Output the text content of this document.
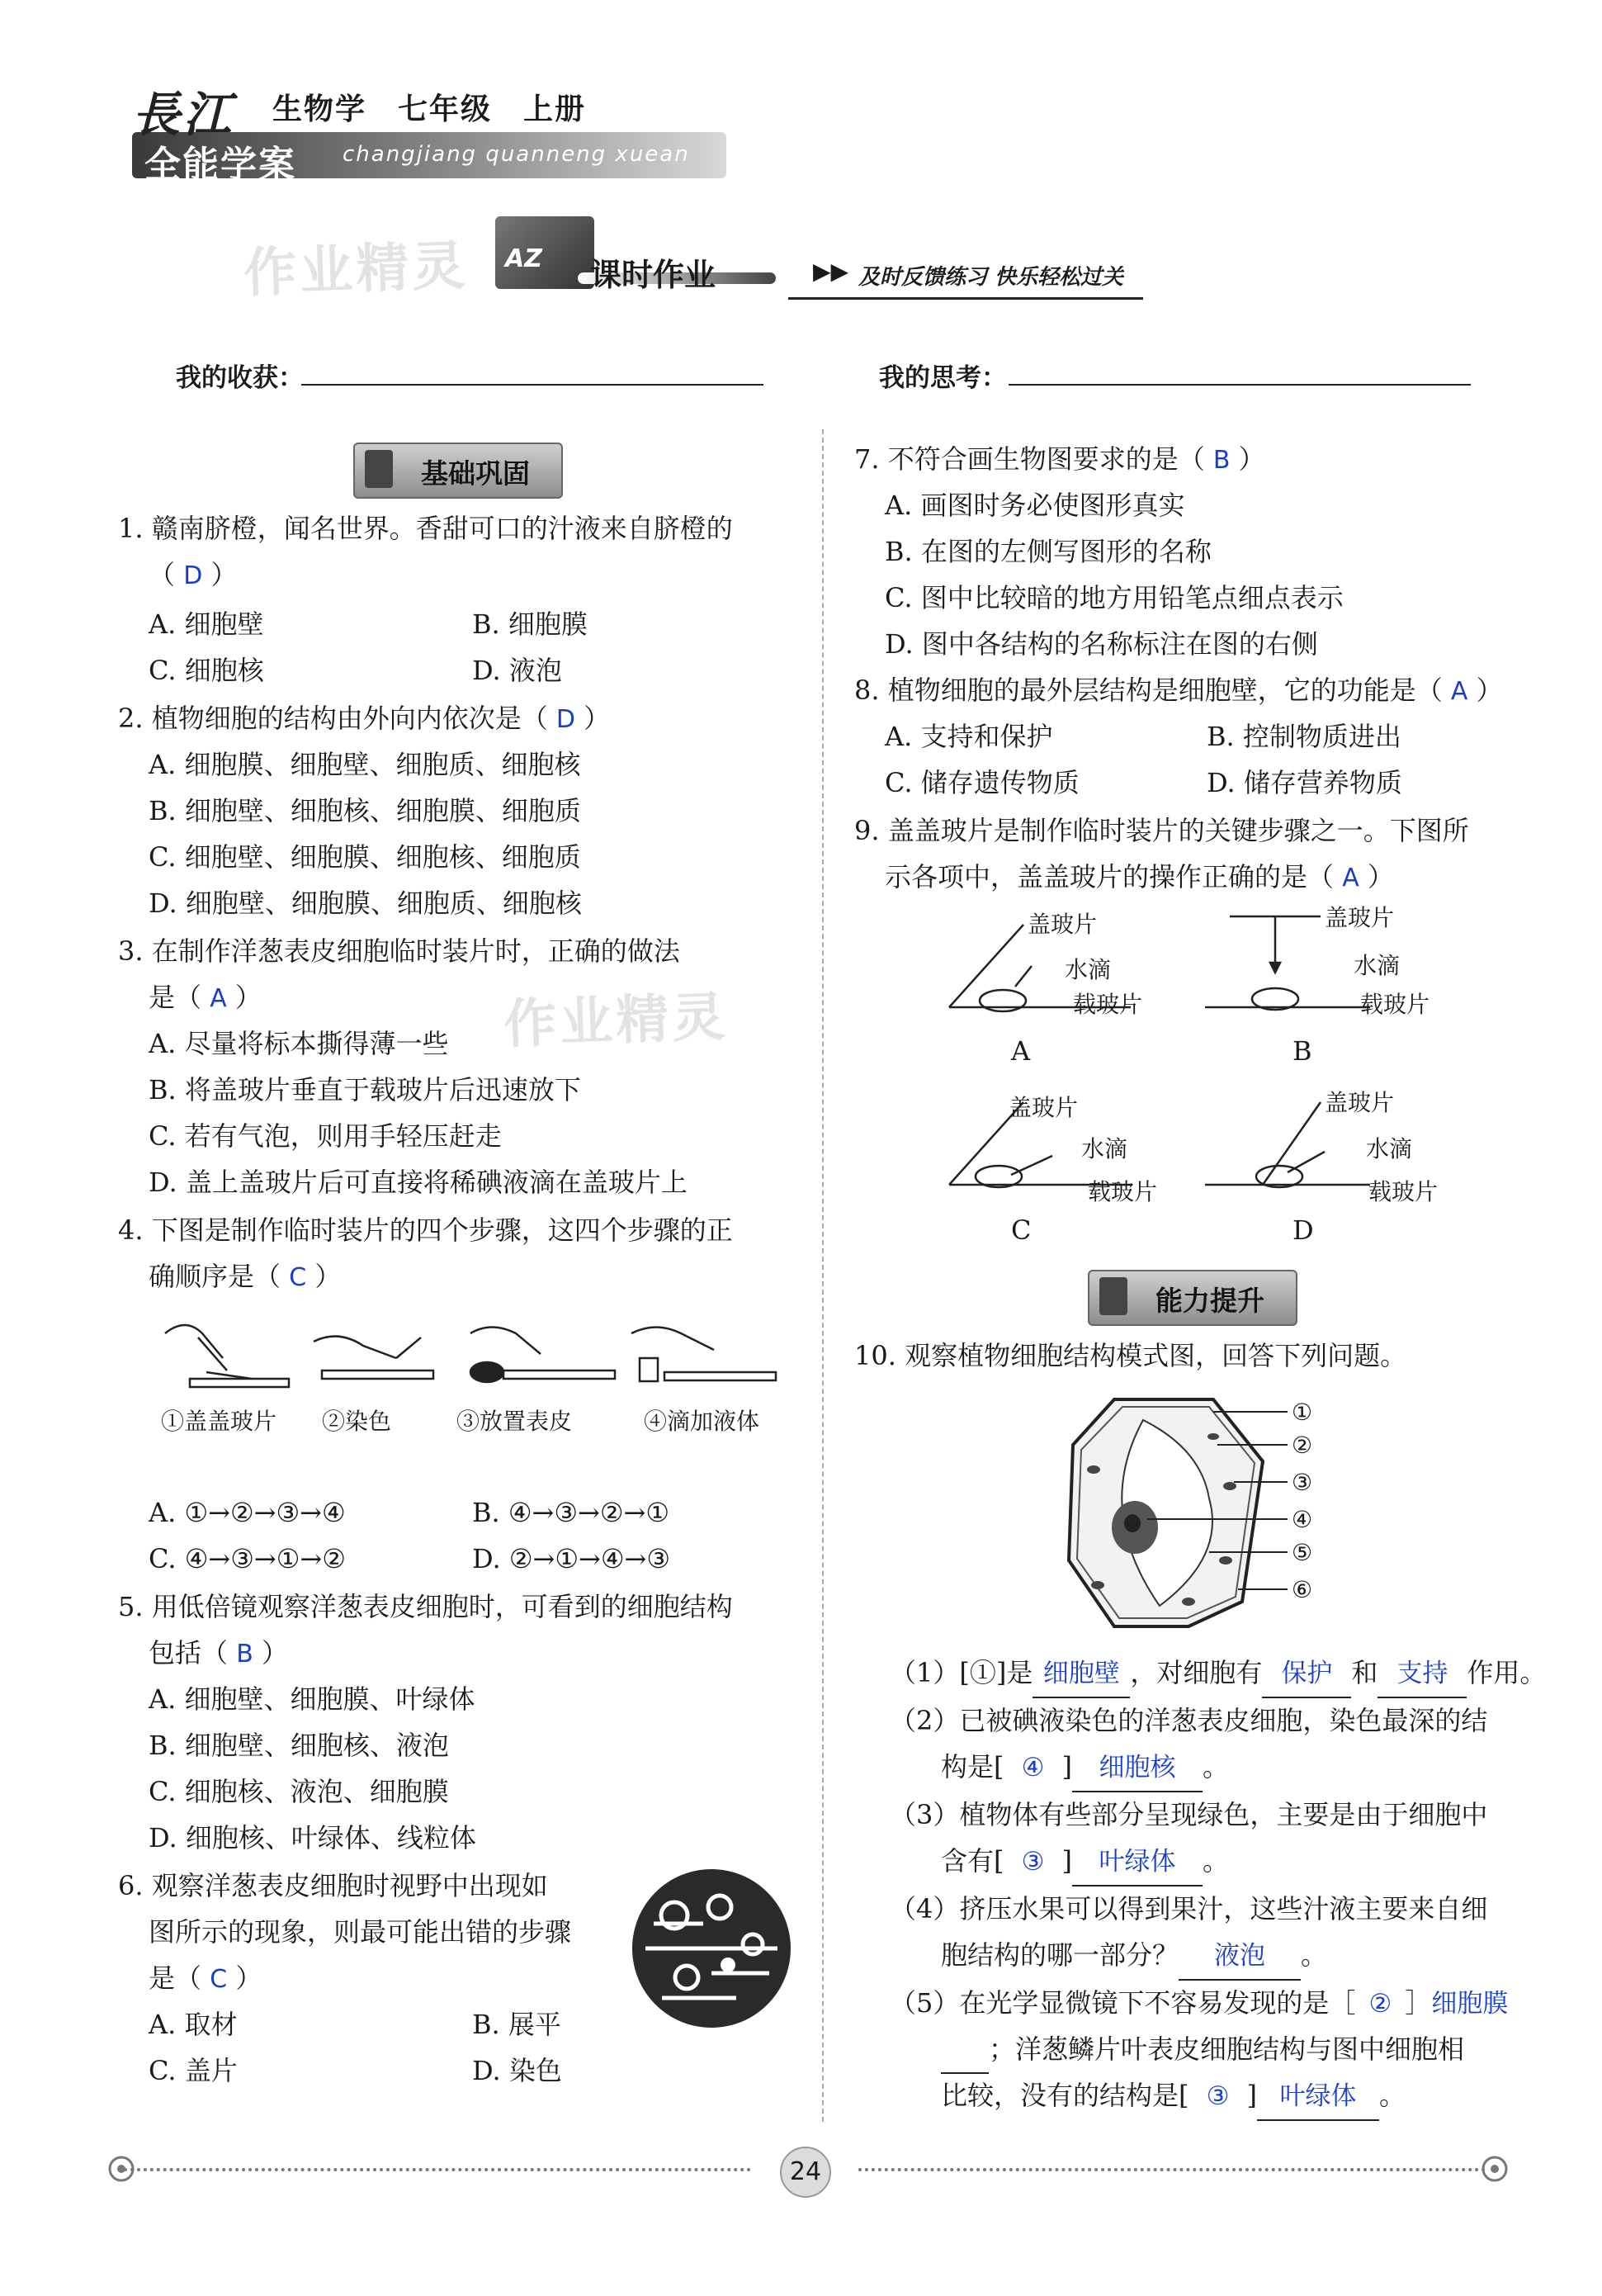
長江
全能学案 changjiang quanneng xuean
生物学　七年级　上册
作业精灵
作业精灵
AZ 课时作业	▶▶ 及时反馈练习 快乐轻松过关
我的收获：	我的思考：
基础巩固
1. 赣南脐橙，闻名世界。香甜可口的汁液来自脐橙的
（ D ）
A. 细胞壁	B. 细胞膜
C. 细胞核	D. 液泡
2. 植物细胞的结构由外向内依次是（ D ）
A. 细胞膜、细胞壁、细胞质、细胞核
B. 细胞壁、细胞核、细胞膜、细胞质
C. 细胞壁、细胞膜、细胞核、细胞质
D. 细胞壁、细胞膜、细胞质、细胞核
3. 在制作洋葱表皮细胞临时装片时，正确的做法
是（ A ）
A. 尽量将标本撕得薄一些
B. 将盖玻片垂直于载玻片后迅速放下
C. 若有气泡，则用手轻压赶走
D. 盖上盖玻片后可直接将稀碘液滴在盖玻片上
4. 下图是制作临时装片的四个步骤，这四个步骤的正
确顺序是（ C ）
①盖盖玻片 ②染色	③放置表皮	④滴加液体
A. ①→②→③→④	B. ④→③→②→①
C. ④→③→①→②	D. ②→①→④→③
5. 用低倍镜观察洋葱表皮细胞时，可看到的细胞结构
包括（ B ）
A. 细胞壁、细胞膜、叶绿体
B. 细胞壁、细胞核、液泡
C. 细胞核、液泡、细胞膜
D. 细胞核、叶绿体、线粒体
6. 观察洋葱表皮细胞时视野中出现如
图所示的现象，则最可能出错的步骤
是（ C ）
A. 取材	B. 展平
C. 盖片	D. 染色
7. 不符合画生物图要求的是（ B ）
A. 画图时务必使图形真实
B. 在图的左侧写图形的名称
C. 图中比较暗的地方用铅笔点细点表示
D. 图中各结构的名称标注在图的右侧
8. 植物细胞的最外层结构是细胞壁，它的功能是（ A ）
A. 支持和保护	B. 控制物质进出
C. 储存遗传物质	D. 储存营养物质
9. 盖盖玻片是制作临时装片的关键步骤之一。下图所
示各项中，盖盖玻片的操作正确的是（ A ）
盖玻片
水滴
载玻片
A
盖玻片
水滴
载玻片
B
盖玻片
水滴
载玻片
C
盖玻片
水滴
载玻片
D
能力提升
10. 观察植物细胞结构模式图，回答下列问题。
①
②
③
④
⑤
⑥
（1）[①]是 细胞壁 ，对细胞有 保护 和 支持 作用。
（2）已被碘液染色的洋葱表皮细胞，染色最深的结
构是[ ④ ] 细胞核 。
（3）植物体有些部分呈现绿色，主要是由于细胞中
含有[ ③ ] 叶绿体 。
（4）挤压水果可以得到果汁，这些汁液主要来自细
胞结构的哪一部分？ 液泡 。
（5）在光学显微镜下不容易发现的是［ ② ］细胞膜
；洋葱鳞片叶表皮细胞结构与图中细胞相
比较，没有的结构是[ ③ ] 叶绿体 。
24
